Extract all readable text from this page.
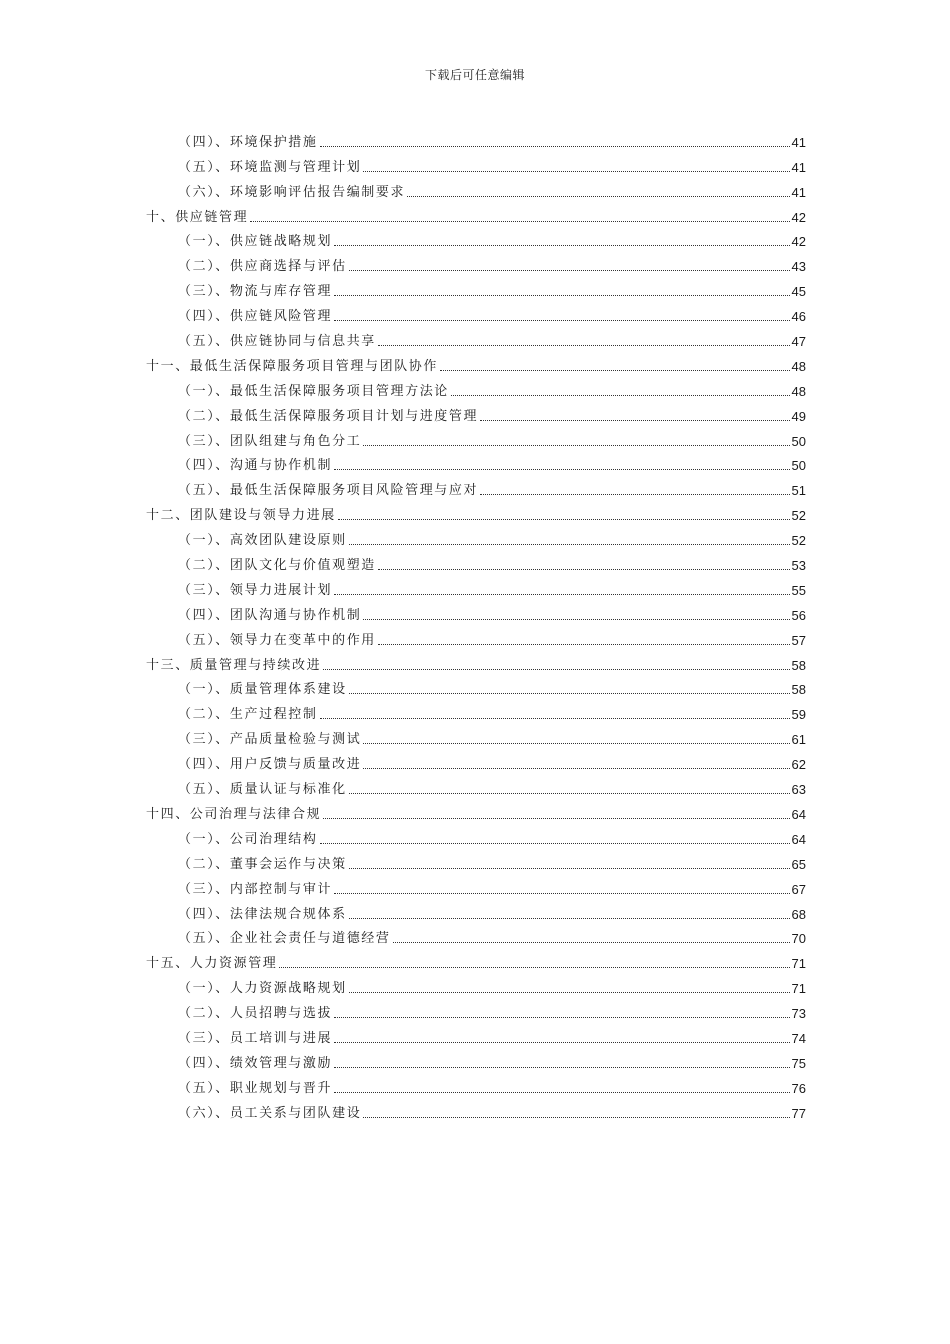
下载后可任意编辑
（四）、环境保护措施	41
（五）、环境监测与管理计划	41
（六）、环境影响评估报告编制要求	41
十、供应链管理	42
（一）、供应链战略规划	42
（二）、供应商选择与评估	43
（三）、物流与库存管理	45
（四）、供应链风险管理	46
（五）、供应链协同与信息共享	47
十一、最低生活保障服务项目管理与团队协作	48
（一）、最低生活保障服务项目管理方法论	48
（二）、最低生活保障服务项目计划与进度管理	49
（三）、团队组建与角色分工	50
（四）、沟通与协作机制	50
（五）、最低生活保障服务项目风险管理与应对	51
十二、团队建设与领导力进展	52
（一）、高效团队建设原则	52
（二）、团队文化与价值观塑造	53
（三）、领导力进展计划	55
（四）、团队沟通与协作机制	56
（五）、领导力在变革中的作用	57
十三、质量管理与持续改进	58
（一）、质量管理体系建设	58
（二）、生产过程控制	59
（三）、产品质量检验与测试	61
（四）、用户反馈与质量改进	62
（五）、质量认证与标准化	63
十四、公司治理与法律合规	64
（一）、公司治理结构	64
（二）、董事会运作与决策	65
（三）、内部控制与审计	67
（四）、法律法规合规体系	68
（五）、企业社会责任与道德经营	70
十五、人力资源管理	71
（一）、人力资源战略规划	71
（二）、人员招聘与选拔	73
（三）、员工培训与进展	74
（四）、绩效管理与激励	75
（五）、职业规划与晋升	76
（六）、员工关系与团队建设	77
